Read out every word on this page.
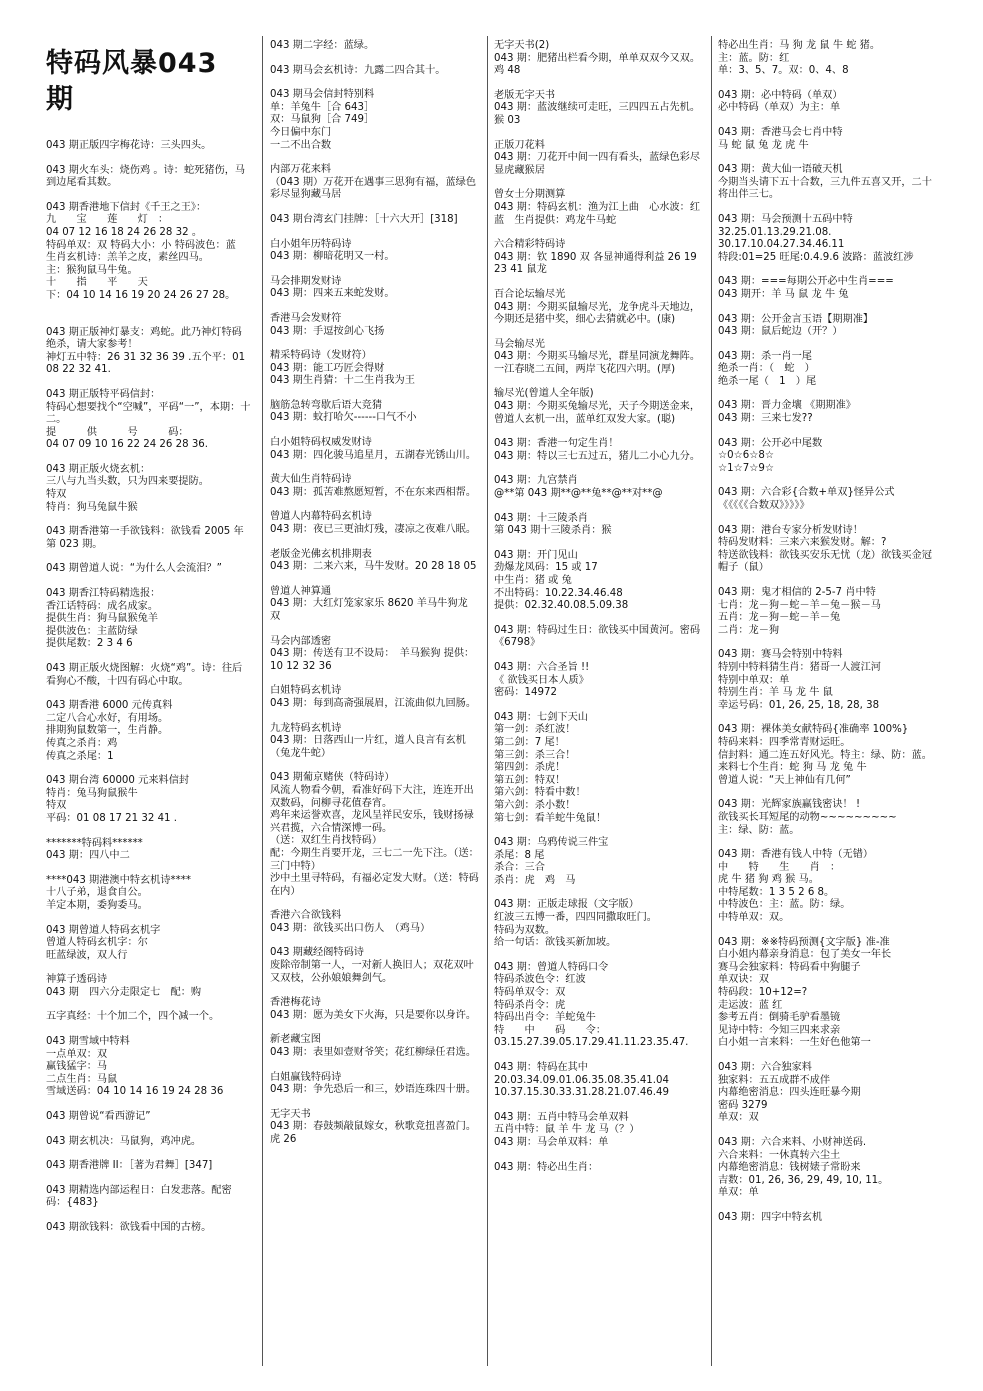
特码风暴043 期
043 期正版四字梅花诗：三头四头。
043 期火车头：烧伤鸡 。诗：蛇死猪伤，马到边尾看其数。
043 期香港地下信封《千王之王》：
九　　宝　　莲　　灯　：
04 07 12 16 18 24 26 28 32 。
特码单双：双 特码大小：小 特码波色：蓝
生肖玄机诗：羔羊之皮，素丝四马。
主：猴狗鼠马牛兔。
十　　指　　平　　天
下：04 10 14 16 19 20 24 26 27 28。
043 期正版神灯暴支：鸡蛇。此乃神灯特码绝杀，请大家参考！
神灯五中特：26 31 32 36 39 .五个平：01 08 22 32 41.
043 期正版特平码信封：
特码心想要找个“空喊”，平码“一”，本期：十二。
提　　　供　　　号　　　码：
04 07 09 10 16 22 24 26 28 36.
043 期正版火烧玄机：
三八与九当头数，只为四来要提防。
特双
特肖：狗马兔鼠牛猴
043 期香港第一手欲钱料：欲钱看 2005 年第 023 期。
043 期曾道人说：“为什么人会流泪？”
043 期香江特码精选报：
香江话特码：成名成家。
提供生肖：狗马鼠猴兔羊
提供波色：主蓝防绿
提供尾数：2 3 4 6
043 期正版火烧图解：火烧“鸡”。诗：往后看狗心不酸，十四有码心中取。
043 期香港 6000 元传真料
二定八合心水好，有用场。
排期狗鼠数第一，生肖静。
传真之杀肖：鸡
传真之杀尾：1
043 期台湾 60000 元来料信封
特肖：兔马狗鼠猴牛
特双
平码：01 08 17 21 32 41 .
*******特码料******
043 期：四八中二
****043 期港澳中特玄机诗****
十八子弟，退食自公。
羊定本期，委狗委马。
043 期曾道人特码玄机字
曾道人特码玄机字：尔
旺蓝绿波，双人行
神算子透码诗
043 期　四六分走限定七　配：购
五字真经：十个加二个，四个减一个。
043 期雪域中特料
一点单双：双
赢钱猛字：马
二点生肖：马鼠
雪域送码：04 10 14 16 19 24 28 36
043 期曾说“看西游记”
043 期玄机决：马鼠狗，鸡冲虎。
043 期香港牌 II：［著为君舞］[347]
043 期精选内部运程日：白发悲落。配密码：{483}
043 期欲钱料：欲钱看中国的古榜。
043 期二字经：蓝绿。
043 期马会玄机诗：九露二四合其十。
043 期马会信封特别料
单：羊兔牛［合 643］
双：马鼠狗［合 749］
今日偏中东门
一二不出合数
内部万花来料
（043 期）万花开在遇事三思狗有福，蓝绿色彩尽显狗藏马居
043 期台湾玄门挂牌：［十六大开］[318]
白小姐年历特码诗
043 期：柳暗花明又一村。
马会排期发财诗
043 期：四来五来蛇发财。
香港马会发财符
043 期：手逗按剑心飞扬
精采特码诗（发财符）
043 期：能工巧匠会得财
043 期生肖猜：十二生肖我为王
脑筋急转弯歇后语大竞猜
043 期：蚊打哈欠------口气不小
白小姐特码权威发财诗
043 期：四化骏马追星月，五湖春光锈山川。
黄大仙生肖特码诗
043 期：孤苦难熬愿短暂，不在东来西相帮。
曾道人内幕特码玄机诗
043 期：夜已三更油灯残，凄凉之夜难八眠。
老版金光佛玄机排期表
043 期：二来六来，马牛发财。20 28 18 05
曾道人神算通
043 期：大红灯笼家家乐 8620 羊马牛狗龙 双
马会内部透密
043 期：传送有卫不设局：　羊马猴狗 提供：10 12 32 36
白姐特码玄机诗
043 期：每到高斋强展眉，江流曲似九回肠。
九龙特码玄机诗
043 期：日落西山一片红，道人良言有玄机（兔龙牛蛇）
043 期葡京赌侠（特码诗）
风流人物看今朝，看准好码下大注，连连开出双数码，问柳寻花值春宵。
鸡年来运誉欢喜，龙风呈祥民安乐，钱财扬禄兴君揽，六合情深博一码。
（送：双红生肖找特码）
配：今期生肖要开龙，三七二一先下注。（送：三门中特）
沙中土里寻特码，有福必定发大财。（送：特码在内）
香港六合欲钱料
043 期：欲钱买出口伤人　（鸡马）
043 期藏经阁特码诗
废除帝制第一人，一对新人换旧人；双花双叶又双枝，公孙娘娘舞剑气。
香港梅花诗
043 期：愿为美女下火海，只是要你以身许。
新老藏宝图
043 期：表里如壹财爷笑；花红柳绿任君选。
白姐赢钱特码诗
043 期：争先恐后一和三，妙语连珠四十册。
无字天书
043 期：春鼓频敲鼠嫁女，秋歌竞扭喜盈门。　虎 26
无字天书(2)
043 期：肥猪出栏看今期，单单双双今又双。鸡 48
老版无字天书
043 期：蓝波继续可走旺，三四四五占先机。猴 03
正版刀花料
043 期：刀花开中间一四有看头，蓝绿色彩尽显虎藏猴居
曾女士分期测算
043 期：特码玄机：渔为江上曲　心水波：红蓝　生肖提供：鸡龙牛马蛇
六合精彩特码诗
043 期：钦 1890 双 各显神通得利益 26 19 23 41 鼠龙
百合论坛输尽光
043 期：今期买鼠输尽光，龙争虎斗天地边，今期还是猪中奖，细心去猜就必中。(康)
马会输尽光
043 期：今期买马输尽光，群星同演龙舞阵。一江春晓二五间，两岸飞花四六明。(厚)
输尽光(曾道人全年版)
043 期：今期买兔输尽光，天子今期送金来，曾道人玄机一出，蓝单红双发大家。(聪)
043 期：香港一句定生肖！
043 期：特以三七五过五，猪儿二小心九分。
043 期：九宫禁肖
@**第 043 期**@**兔**@**对**@
043 期：十三陵杀肖
第 043 期十三陵杀肖：猴
043 期：开门见山
劲爆龙凤码：15 或 17
中生肖：猪 或 兔
不出特码：10.22.34.46.48
提供：02.32.40.08.5.09.38
043 期：特码过生日：欲钱买中国黄河。密码《6798》
043 期：六合圣旨 !!
《 欲钱买日本人质》
密码：14972
043 期：七剑下天山
第一剑：杀红波！
第二剑：7 尾！
第三剑：杀三合！
第四剑：杀虎！
第五剑：特双！
第六剑：特看中数！
第六剑：杀小数！
第七剑：看羊蛇牛兔鼠！
043 期：乌鸦传说三件宝
杀尾：8 尾
杀合：三合
杀肖：虎　鸡　马
043 期：正版走球报（文字版）
红波三五博一番，四四同撒取旺门。
特码为双数。
给一句话：欲钱买新加坡。
043 期：曾道人特码口令
特码杀波色令：红波
特码单双令：双
特码杀肖令：虎
特码出肖令：羊蛇兔牛
特　　中　　码　　令：
03.15.27.39.05.17.29.41.11.23.35.47.
043 期：特码在其中
20.03.34.09.01.06.35.08.35.41.04
10.37.15.30.33.31.28.21.07.46.49
043 期：五肖中特马会单双料
五肖中特：鼠 羊 牛 龙 马（？）
043 期：马会单双料：单
043 期：特必出生肖：
特必出生肖：马 狗 龙 鼠 牛 蛇 猪。
主：蓝。防：红
单：3、5、7。双：0、4、8
043 期：必中特码（单双）
必中特码（单双）为主：单
043 期：香港马会七肖中特
马 蛇 鼠 兔 龙 虎 牛
043 期：黄大仙一语破天机
今期当头请下五十合数，三九件五喜又开，二十将出伴三七。
043 期：马会预测十五码中特
32.25.01.13.29.21.08.
30.17.10.04.27.34.46.11
特段:01=25 旺尾:0.4.9.6 波路：蓝波红涉
043 期：===每期公开必中生肖===
043 期开：羊 马 鼠 龙 牛 兔
043 期：公开金言玉语【期期准】
043 期：鼠后蛇边（开？）
043 期：杀一肖一尾
绝杀一肖：（　蛇　）
绝杀一尾（　1　）尾
043 期：晋力金壤 《期期准》
043 期：三来七发??
043 期：公开必中尾数
☆0☆6☆8☆
☆1☆7☆9☆
043 期：六合彩{合数+单双}怪异公式
《《《《《合数双》》》》》
043 期：港台专家分析发财诗！
特码发财料：三来六来猴发财。解：?
特送欲钱料：欲钱买安乐无忧（龙）欲钱买金冠帽子（鼠）
043 期：鬼才相信的 2-5-7 肖中特
七肖：龙－狗－蛇－羊－兔－猴－马
五肖：龙－狗－蛇－羊－兔
二肖：龙－狗
043 期：赛马会特别中特料
特别中特料猜生肖：猪哥一人渡江河
特别中单双：单
特别生肖：羊 马 龙 牛 鼠
幸运号码：01, 26, 25, 18, 28, 38
043 期：裸体美女献特码{准确率 100%}
特码来料：四季常青财运旺。
信封料：通二连五好风光。特主：绿、防：蓝。
来料七个生肖：蛇 狗 马 龙 兔 牛
曾道人说：“天上神仙有几何”
043 期：光辉家族赢钱密诀！ !
欲钱买长耳短尾的动物~~~~~~~~~
主：绿、防：蓝。
043 期：香港有钱人中特（无错）
中　　特　　生　　肖　：
虎 牛 猪 狗 鸡 猴 马。
中特尾数：1 3 5 2 6 8。
中特波色：主：蓝。防：绿。
中特单双：双。
043 期：※※特码预测{文字版} 准-准
白小姐内幕亲身消息：包了美女一年长
赛马会独家料：特码看中狗腿子
单双诀：双
特码段：10+12=?
走运波：蓝 红
参考五肖：倒骑毛驴看墨镜
见诗中特：今知三四来求亲
白小姐一言来料：一生好色他第一
043 期：六合独家料
独家料：五五成群不成伴
内幕绝密消息：四头连旺暴今期
密码 3279
单双：双
043 期：六合来料、小财神送码.
六合来料：一休真转六尘土
内幕绝密消息：钱树婊子常盼来
吉数：01, 26, 36, 29, 49, 10, 11。
单双：单
043 期：四字中特玄机
